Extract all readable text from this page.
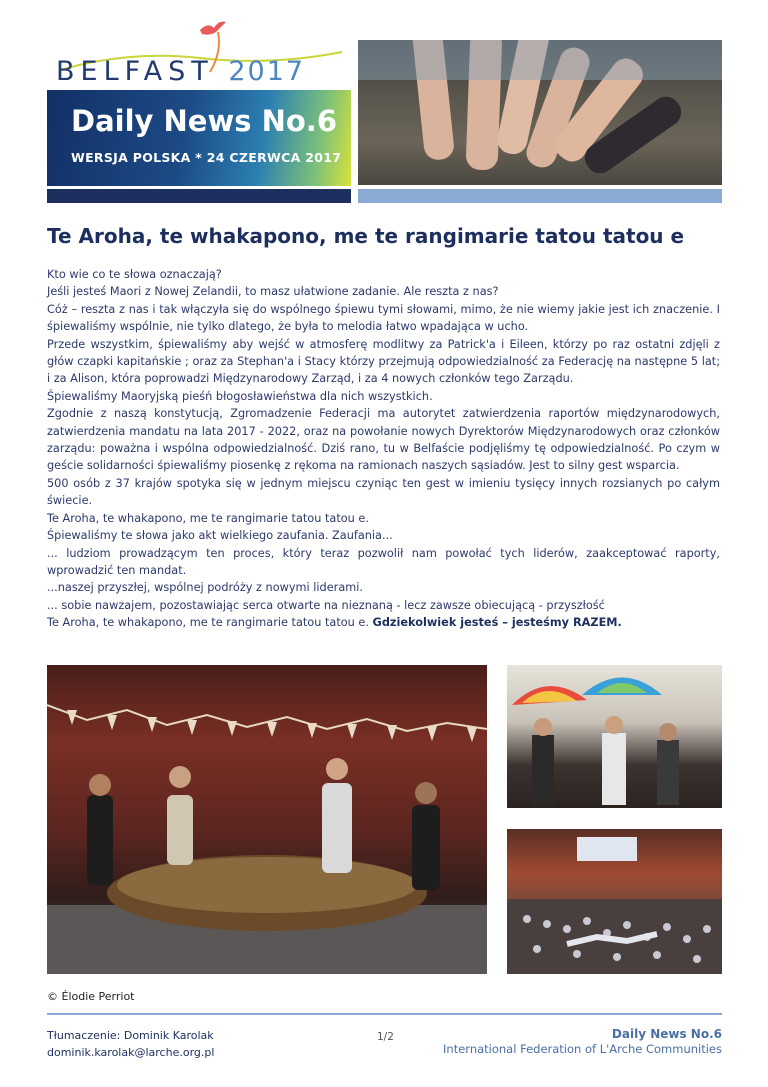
BELFAST 2017
Daily News No.6
WERSJA POLSKA * 24 CZERWCA 2017
Te Aroha, te whakapono, me te rangimarie tatou tatou e

Kto wie co te słowa oznaczają?

Jeśli jesteś Maori z Nowej Zelandii, to masz ułatwione zadanie. Ale reszta z nas?

Cóż – reszta z nas i tak włączyła się do wspólnego śpiewu tymi słowami, mimo, że nie wiemy jakie jest ich znaczenie. I śpiewaliśmy wspólnie, nie tylko dlatego, że była to melodia łatwo wpadająca w ucho.

Przede wszystkim, śpiewaliśmy aby wejść w atmosferę modlitwy za Patrick'a i Eileen, którzy po raz ostatni zdjęli z głów czapki kapitańskie ; oraz za Stephan'a i Stacy którzy przejmują odpowiedzialność za Federację na następne 5 lat; i za Alison, która poprowadzi Międzynarodowy Zarząd, i za 4 nowych członków tego Zarządu.

Śpiewaliśmy Maoryjską pieśń błogosławieństwa dla nich wszystkich.

Zgodnie z naszą konstytucją, Zgromadzenie Federacji ma autorytet zatwierdzenia raportów międzynarodowych, zatwierdzenia mandatu na lata 2017 - 2022, oraz na powołanie nowych Dyrektorów Międzynarodowych oraz członków zarządu: poważna i wspólna odpowiedzialność. Dziś rano, tu w Belfaście podjęliśmy tę odpowiedzialność. Po czym w geście solidarności śpiewaliśmy piosenkę z rękoma na ramionach naszych sąsiadów. Jest to silny gest wsparcia.

500 osób z 37 krajów spotyka się w jednym miejscu czyniąc ten gest w imieniu tysięcy innych rozsianych po całym świecie.

Te Aroha, te whakapono, me te rangimarie tatou tatou e.

Śpiewaliśmy te słowa jako akt wielkiego zaufania. Zaufania...

... ludziom prowadzącym ten proces, który teraz pozwolił nam powołać tych liderów, zaakceptować raporty, wprowadzić ten mandat.

...naszej przyszłej, wspólnej podróży z nowymi liderami.

... sobie nawzajem, pozostawiając serca otwarte na nieznaną - lecz zawsze obiecującą - przyszłość

Te Aroha, te whakapono, me te rangimarie tatou tatou e. Gdziekolwiek jesteś – jesteśmy RAZEM.

© Élodie Perriot
Tłumaczenie: Dominik Karolak
dominik.karolak@larche.org.pl
1/2	Daily News No.6
International Federation of L'Arche Communities
